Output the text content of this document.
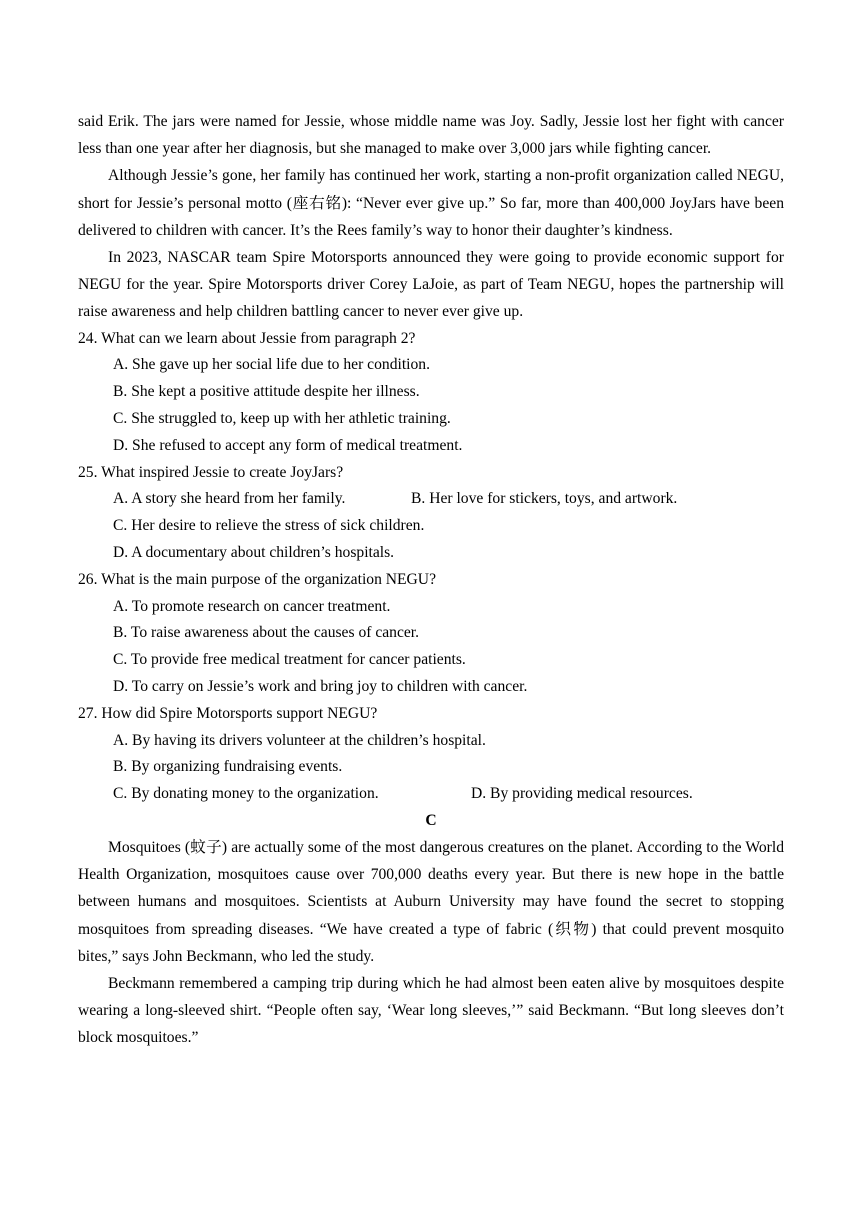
said Erik. The jars were named for Jessie, whose middle name was Joy. Sadly, Jessie lost her fight with cancer less than one year after her diagnosis, but she managed to make over 3,000 jars while fighting cancer.

Although Jessie’s gone, her family has continued her work, starting a non-profit organization called NEGU, short for Jessie’s personal motto (座右铭): “Never ever give up.” So far, more than 400,000 JoyJars have been delivered to children with cancer. It’s the Rees family’s way to honor their daughter’s kindness.

In 2023, NASCAR team Spire Motorsports announced they were going to provide economic support for NEGU for the year. Spire Motorsports driver Corey LaJoie, as part of Team NEGU, hopes the partnership will raise awareness and help children battling cancer to never ever give up.

24. What can we learn about Jessie from paragraph 2?

A. She gave up her social life due to her condition.

B. She kept a positive attitude despite her illness.

C. She struggled to, keep up with her athletic training.

D. She refused to accept any form of medical treatment.

25. What inspired Jessie to create JoyJars?

A. A story she heard from her family.	B. Her love for stickers, toys, and artwork.

C. Her desire to relieve the stress of sick children.

D. A documentary about children’s hospitals.

26. What is the main purpose of the organization NEGU?

A. To promote research on cancer treatment.

B. To raise awareness about the causes of cancer.

C. To provide free medical treatment for cancer patients.

D. To carry on Jessie’s work and bring joy to children with cancer.

27. How did Spire Motorsports support NEGU?

A. By having its drivers volunteer at the children’s hospital.

B. By organizing fundraising events.

C. By donating money to the organization.	D. By providing medical resources.

C

Mosquitoes (蚊子) are actually some of the most dangerous creatures on the planet. According to the World Health Organization, mosquitoes cause over 700,000 deaths every year. But there is new hope in the battle between humans and mosquitoes. Scientists at Auburn University may have found the secret to stopping mosquitoes from spreading diseases. “We have created a type of fabric (织物) that could prevent mosquito bites,” says John Beckmann, who led the study.

Beckmann remembered a camping trip during which he had almost been eaten alive by mosquitoes despite wearing a long-sleeved shirt. “People often say, ‘Wear long sleeves,’” said Beckmann. “But long sleeves don’t block mosquitoes.”
